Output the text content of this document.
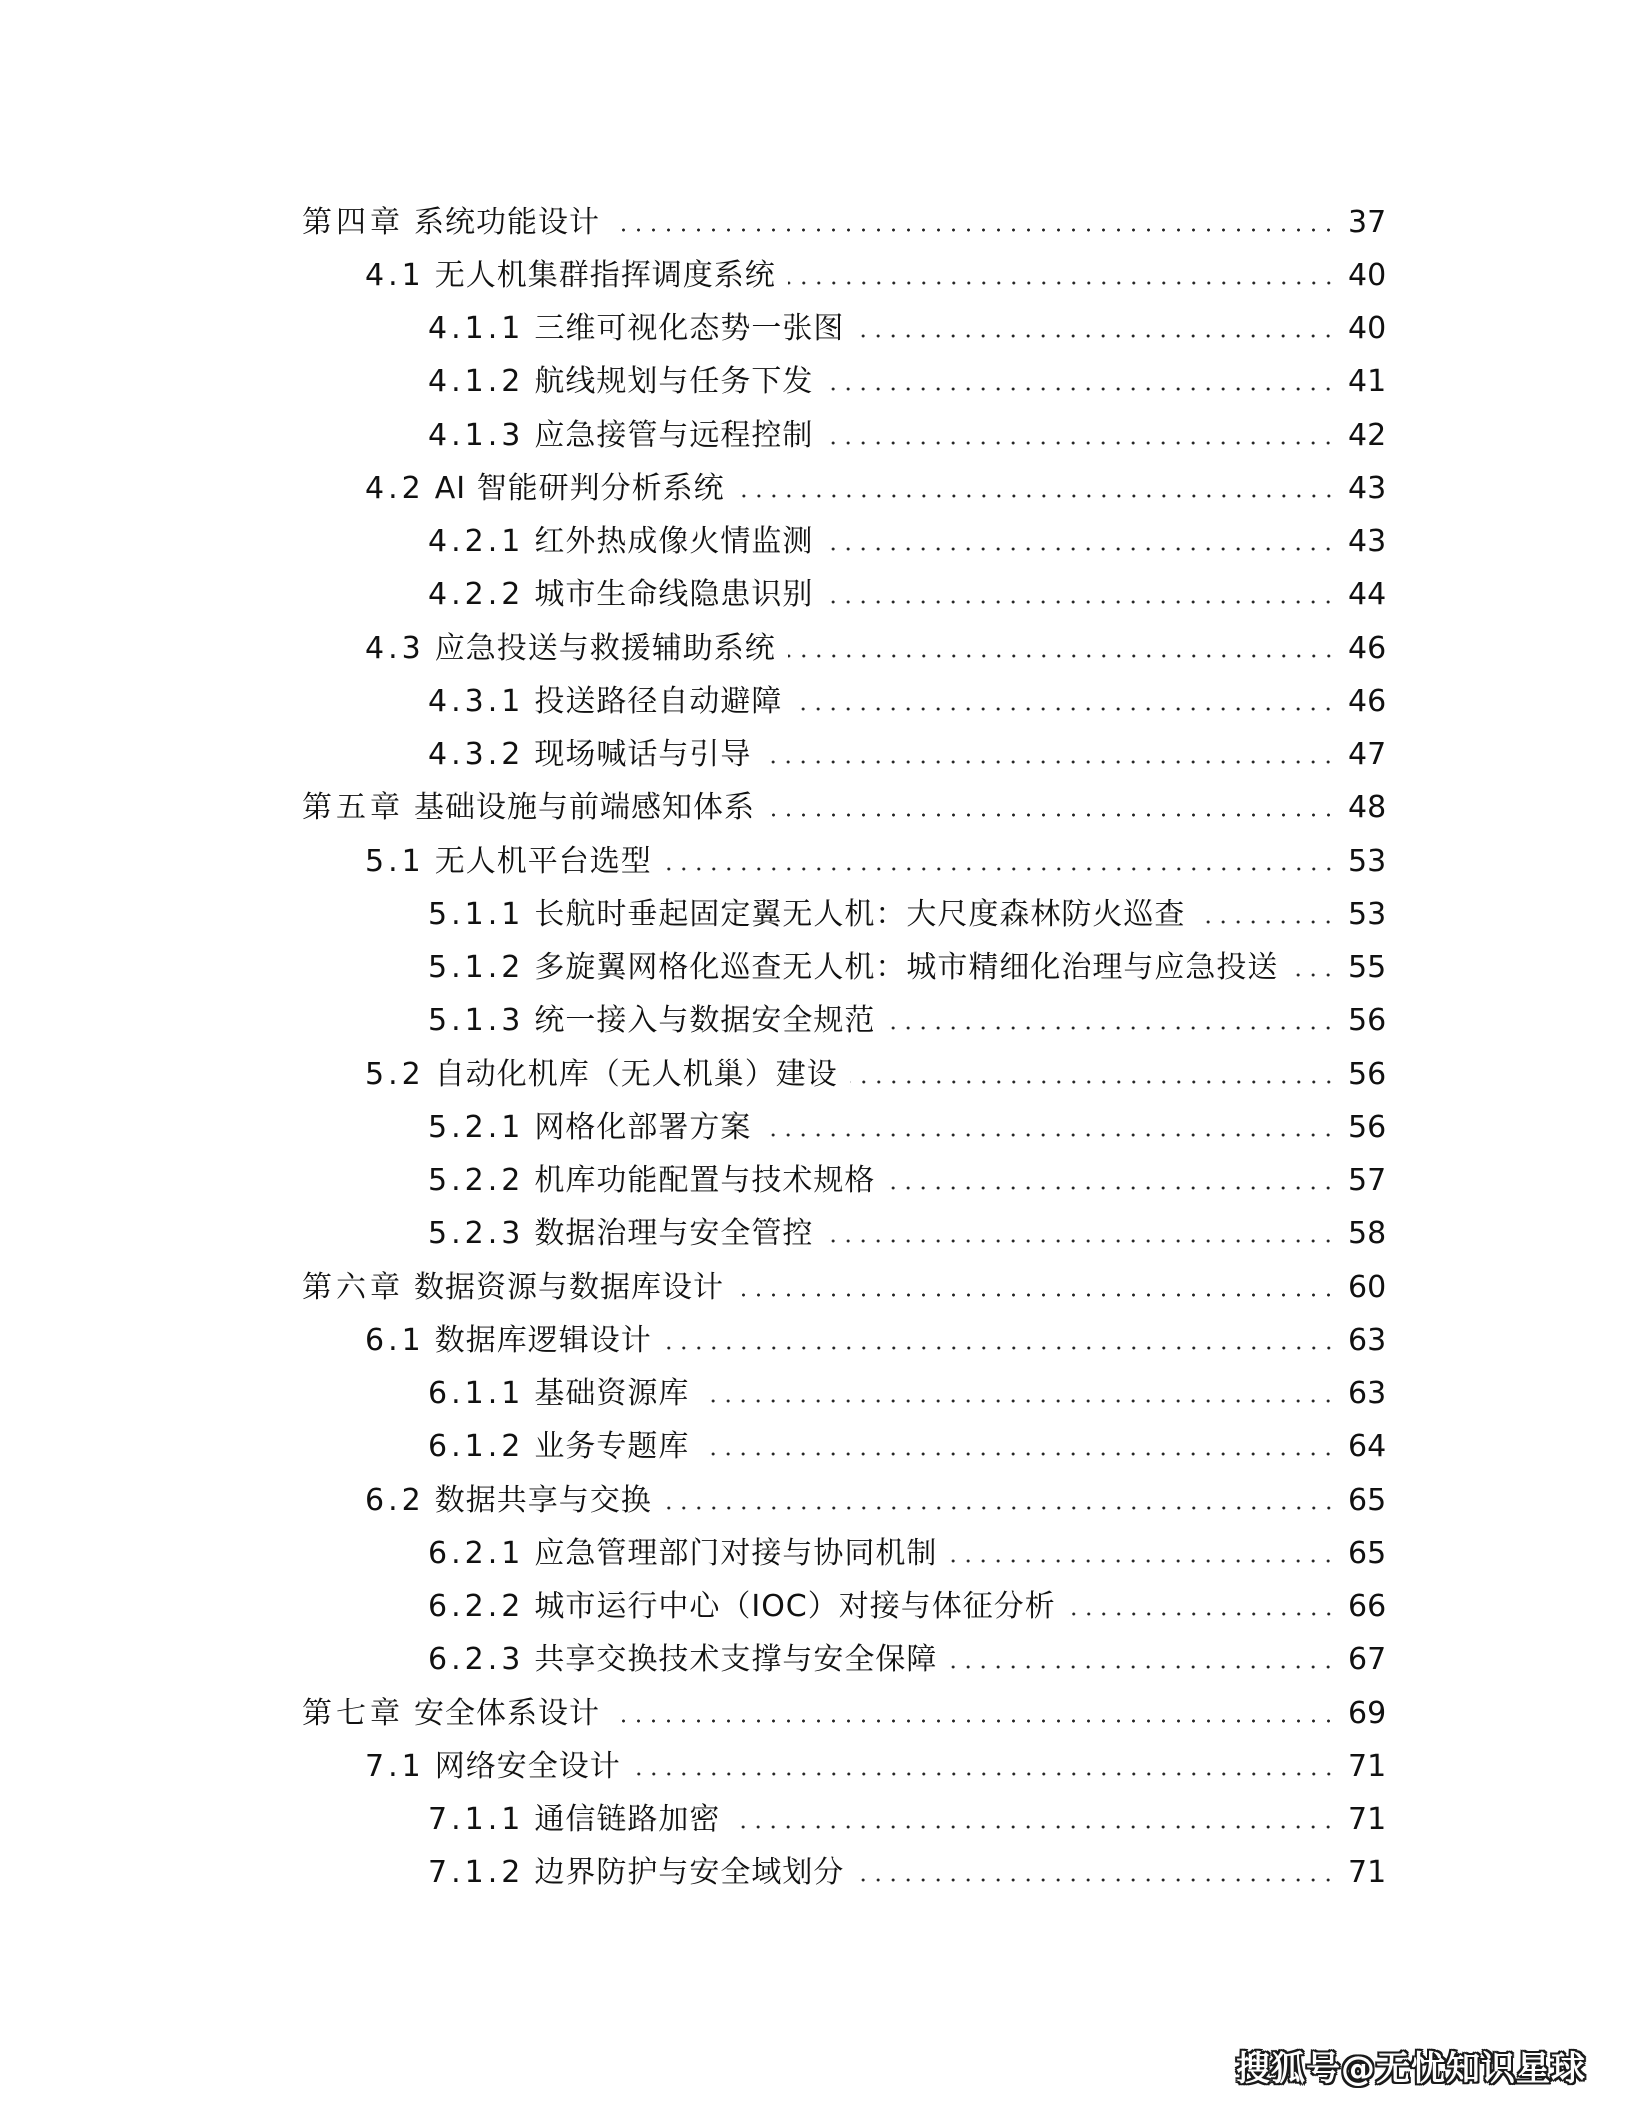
第四章 系统功能设计	37
4.1 无人机集群指挥调度系统	40
4.1.1 三维可视化态势一张图	40
4.1.2 航线规划与任务下发	41
4.1.3 应急接管与远程控制	42
4.2 AI 智能研判分析系统	43
4.2.1 红外热成像火情监测	43
4.2.2 城市生命线隐患识别	44
4.3 应急投送与救援辅助系统	46
4.3.1 投送路径自动避障	46
4.3.2 现场喊话与引导	47
第五章 基础设施与前端感知体系	48
5.1 无人机平台选型	53
5.1.1 长航时垂起固定翼无人机：大尺度森林防火巡查	53
5.1.2 多旋翼网格化巡查无人机：城市精细化治理与应急投送 55
5.1.3 统一接入与数据安全规范	56
5.2 自动化机库（无人机巢）建设	56
5.2.1 网格化部署方案	56
5.2.2 机库功能配置与技术规格	57
5.2.3 数据治理与安全管控	58
第六章 数据资源与数据库设计	60
6.1 数据库逻辑设计	63
6.1.1 基础资源库	63
6.1.2 业务专题库	64
6.2 数据共享与交换	65
6.2.1 应急管理部门对接与协同机制	65
6.2.2 城市运行中心（IOC）对接与体征分析	66
6.2.3 共享交换技术支撑与安全保障	67
第七章 安全体系设计	69
7.1 网络安全设计	71
7.1.1 通信链路加密	71
7.1.2 边界防护与安全域划分	71
搜狐号@无忧知识星球
